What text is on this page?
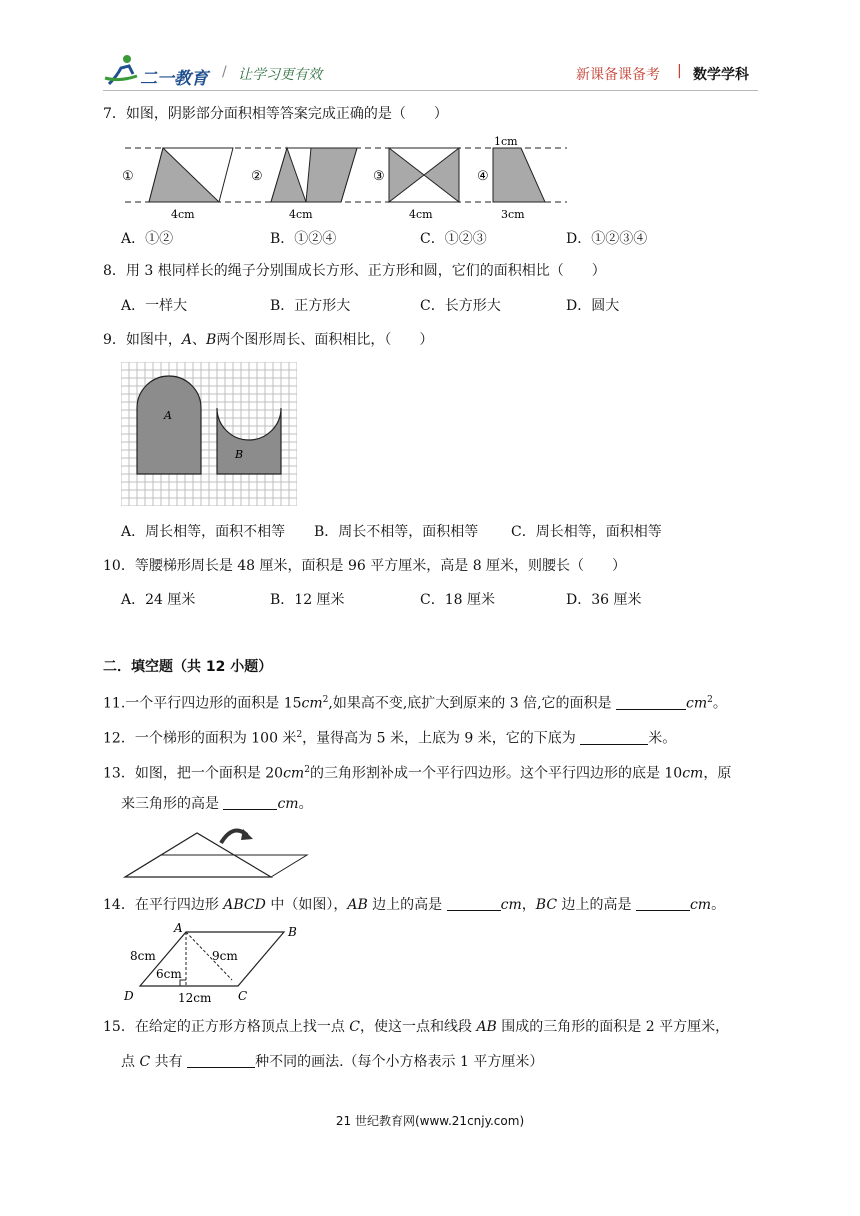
二一教育 / 让学习更有效	新课备课备考 | 数学学科
7．如图，阴影部分面积相等答案完成正确的是（　　）
1cm
①	②	③	④
4cm	4cm	4cm	3cm
A．①②	B．①②④	C．①②③	D．①②③④
8．用 3 根同样长的绳子分别围成长方形、正方形和圆，它们的面积相比（　　）
A．一样大	B．正方形大	C．长方形大	D．圆大
9．如图中，A、B两个图形周长、面积相比，（　　）
A
B
A．周长相等，面积不相等 B．周长不相等，面积相等 C．周长相等，面积相等
10．等腰梯形周长是 48 厘米，面积是 96 平方厘米，高是 8 厘米，则腰长（　　）
A．24 厘米	B．12 厘米	C．18 厘米	D．36 厘米
二．填空题（共 12 小题）
11.一个平行四边形的面积是 $15cm^2$,如果高不变,底扩大到原来的 3 倍,它的面积是	$cm^2$。
12．一个梯形的面积为 100 米$^2$，量得高为 5 米，上底为 9 米，它的下底为	米。
13．如图，把一个面积是 $20cm^2$的三角形割补成一个平行四边形。这个平行四边形的底是 10cm，原
来三角形的高是	cm。
14．在平行四边形 ABCD 中（如图），AB 边上的高是	cm，BC 边上的高是	cm。
A	B
C
D
8cm	9cm
6cm
12cm
15．在给定的正方形方格顶点上找一点 C，使这一点和线段 AB 围成的三角形的面积是 2 平方厘米，
点 C 共有	种不同的画法.（每个小方格表示 1 平方厘米）
21 世纪教育网(www.21cnjy.com)
